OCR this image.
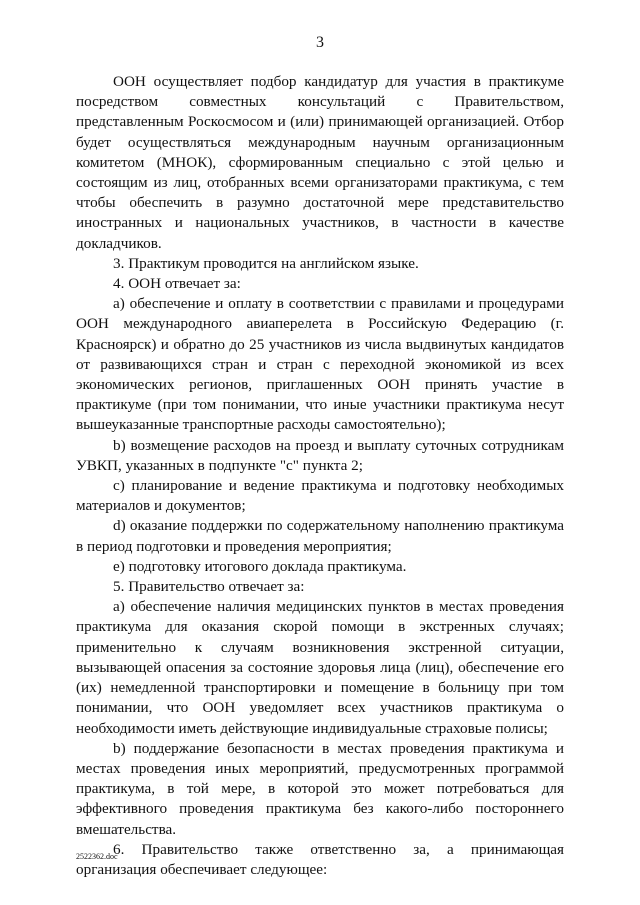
3

ООН осуществляет подбор кандидатур для участия в практикуме посредством совместных консультаций с Правительством, представленным Роскосмосом и (или) принимающей организацией. Отбор будет осуществляться международным научным организационным комитетом (МНОК), сформированным специально с этой целью и состоящим из лиц, отобранных всеми организаторами практикума, с тем чтобы обеспечить в разумно достаточной мере представительство иностранных и национальных участников, в частности в качестве докладчиков.

3. Практикум проводится на английском языке.

4. ООН отвечает за:

а) обеспечение и оплату в соответствии с правилами и процедурами ООН международного авиаперелета в Российскую Федерацию (г. Красноярск) и обратно до 25 участников из числа выдвинутых кандидатов от развивающихся стран и стран с переходной экономикой из всех экономических регионов, приглашенных ООН принять участие в практикуме (при том понимании, что иные участники практикума несут вышеуказанные транспортные расходы самостоятельно);

b) возмещение расходов на проезд и выплату суточных сотрудникам УВКП, указанных в подпункте "с" пункта 2;

с) планирование и ведение практикума и подготовку необходимых материалов и документов;

d) оказание поддержки по содержательному наполнению практикума в период подготовки и проведения мероприятия;

е) подготовку итогового доклада практикума.

5. Правительство отвечает за:

а) обеспечение наличия медицинских пунктов в местах проведения практикума для оказания скорой помощи в экстренных случаях; применительно к случаям возникновения экстренной ситуации, вызывающей опасения за состояние здоровья лица (лиц), обеспечение его (их) немедленной транспортировки и помещение в больницу при том понимании, что ООН уведомляет всех участников практикума о необходимости иметь действующие индивидуальные страховые полисы;

b) поддержание безопасности в местах проведения практикума и местах проведения иных мероприятий, предусмотренных программой практикума, в той мере, в которой это может потребоваться для эффективного проведения практикума без какого-либо постороннего вмешательства.

6. Правительство также ответственно за, а принимающая организация обеспечивает следующее:

2522362.doc
